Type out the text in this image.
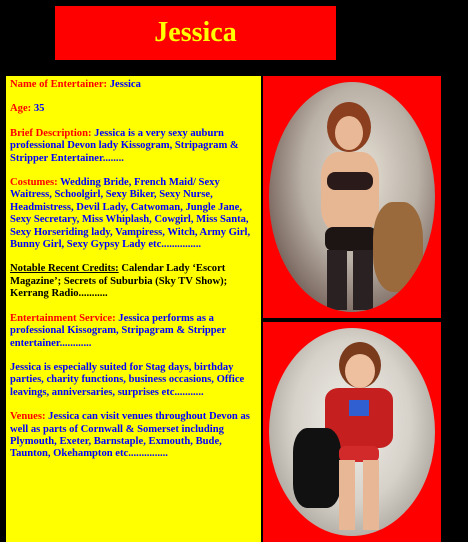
Jessica

Name of Entertainer: Jessica

Age: 35

Brief Description: Jessica is a very sexy auburn professional Devon lady Kissogram, Stripagram & Stripper Entertainer........

Costumes: Wedding Bride, French Maid/ Sexy Waitress, Schoolgirl, Sexy Biker, Sexy Nurse, Headmistress, Devil Lady, Catwoman, Jungle Jane, Sexy Secretary, Miss Whiplash, Cowgirl, Miss Santa, Sexy Horseriding lady, Vampiress, Witch, Army Girl, Bunny Girl, Sexy Gypsy Lady etc...............

Notable Recent Credits: Calendar Lady ‘Escort Magazine’; Secrets of Suburbia (Sky TV Show); Kerrang Radio...........

Entertainment Service: Jessica performs as a professional Kissogram, Stripagram & Stripper entertainer............

Jessica is especially suited for Stag days, birthday parties, charity functions, business occasions, Office leavings, anniversaries, surprises etc...........

Venues: Jessica can visit venues throughout Devon as well as parts of Cornwall & Somerset including Plymouth, Exeter, Barnstaple, Exmouth, Bude, Taunton, Okehampton etc...............
